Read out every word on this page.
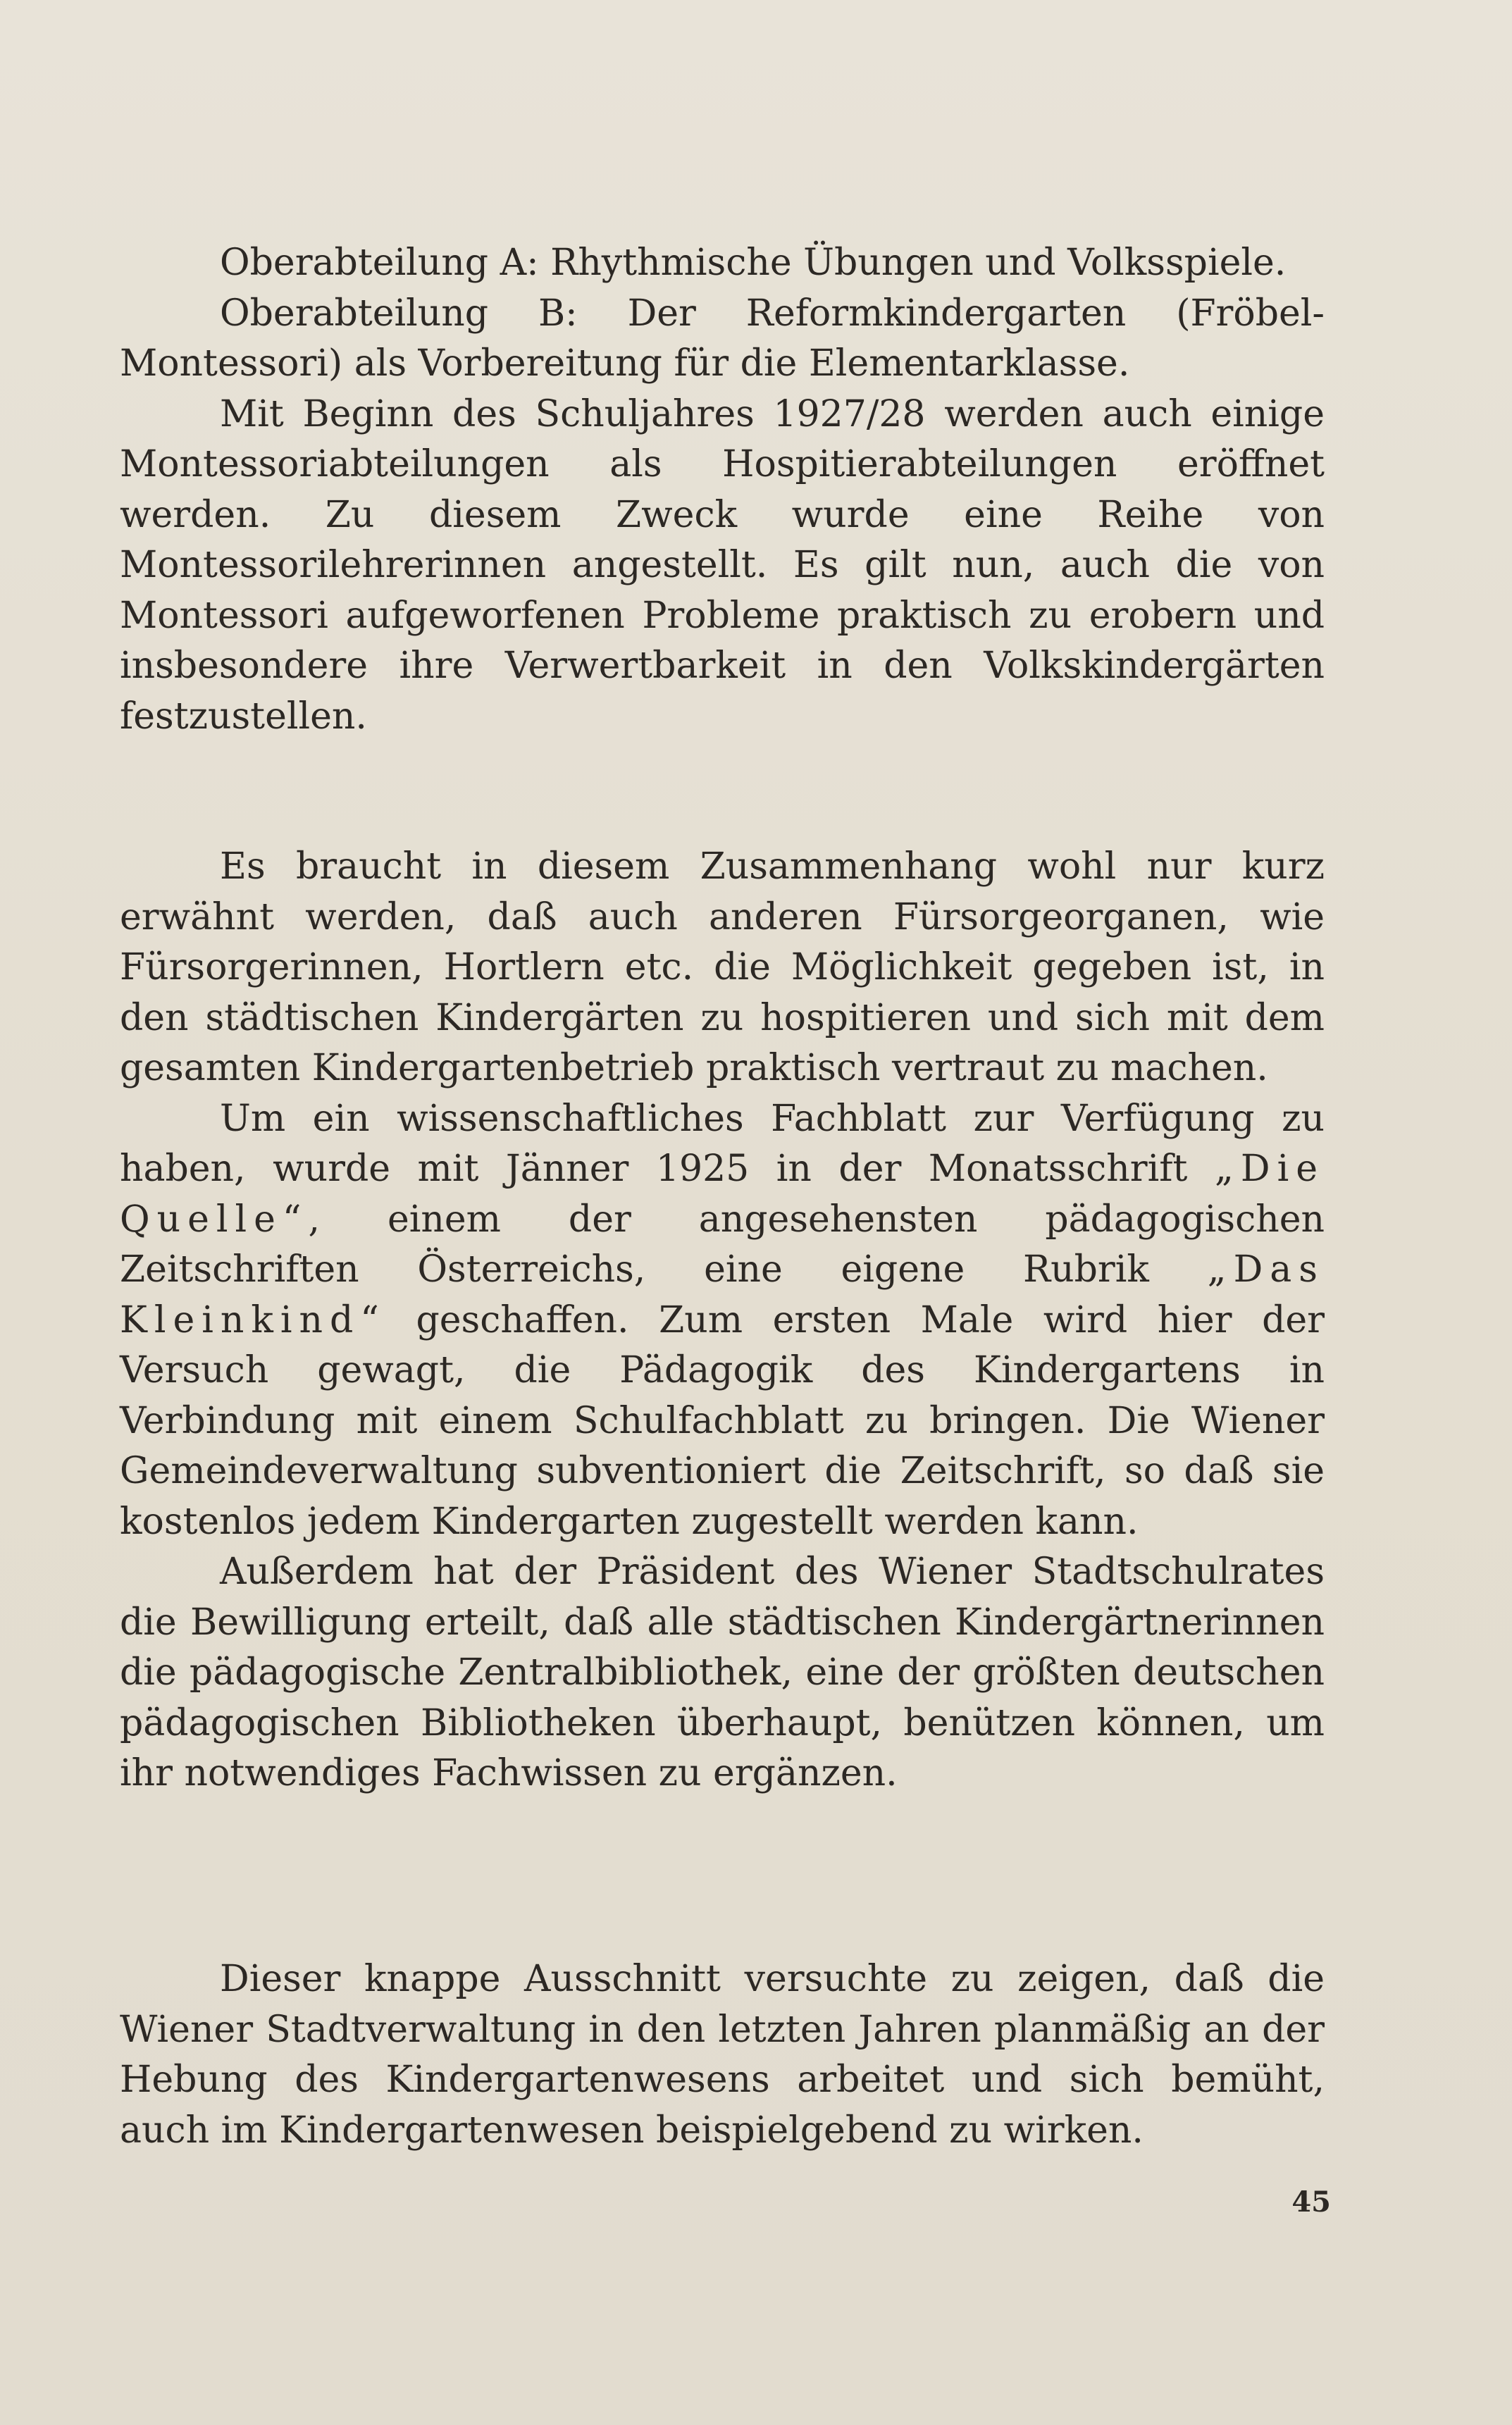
Oberabteilung A: Rhythmische Übungen und Volksspiele.

Oberabteilung B: Der Reformkindergarten (Fröbel-Montessori) als Vorbereitung für die Elementarklasse.

Mit Beginn des Schuljahres 1927/28 werden auch einige Montessoriabteilungen als Hospitierabteilungen eröffnet werden. Zu diesem Zweck wurde eine Reihe von Montessorilehrerinnen angestellt. Es gilt nun, auch die von Montessori aufgeworfenen Probleme praktisch zu erobern und insbesondere ihre Verwertbarkeit in den Volkskindergärten festzustellen.

Es braucht in diesem Zusammenhang wohl nur kurz erwähnt werden, daß auch anderen Fürsorgeorganen, wie Fürsorgerinnen, Hortlern etc. die Möglichkeit gegeben ist, in den städtischen Kindergärten zu hospitieren und sich mit dem gesamten Kindergartenbetrieb praktisch vertraut zu machen.

Um ein wissenschaftliches Fachblatt zur Verfügung zu haben, wurde mit Jänner 1925 in der Monatsschrift „Die Quelle“, einem der angesehensten pädagogischen Zeitschriften Österreichs, eine eigene Rubrik „Das Kleinkind“ geschaffen. Zum ersten Male wird hier der Versuch gewagt, die Pädagogik des Kindergartens in Verbindung mit einem Schulfachblatt zu bringen. Die Wiener Gemeindeverwaltung subventioniert die Zeitschrift, so daß sie kostenlos jedem Kindergarten zugestellt werden kann.

Außerdem hat der Präsident des Wiener Stadtschulrates die Bewilligung erteilt, daß alle städtischen Kindergärtnerinnen die pädagogische Zentralbibliothek, eine der größten deutschen pädagogischen Bibliotheken überhaupt, benützen können, um ihr notwendiges Fachwissen zu ergänzen.

Dieser knappe Ausschnitt versuchte zu zeigen, daß die Wiener Stadtverwaltung in den letzten Jahren planmäßig an der Hebung des Kindergartenwesens arbeitet und sich bemüht, auch im Kindergartenwesen beispielgebend zu wirken.

45
